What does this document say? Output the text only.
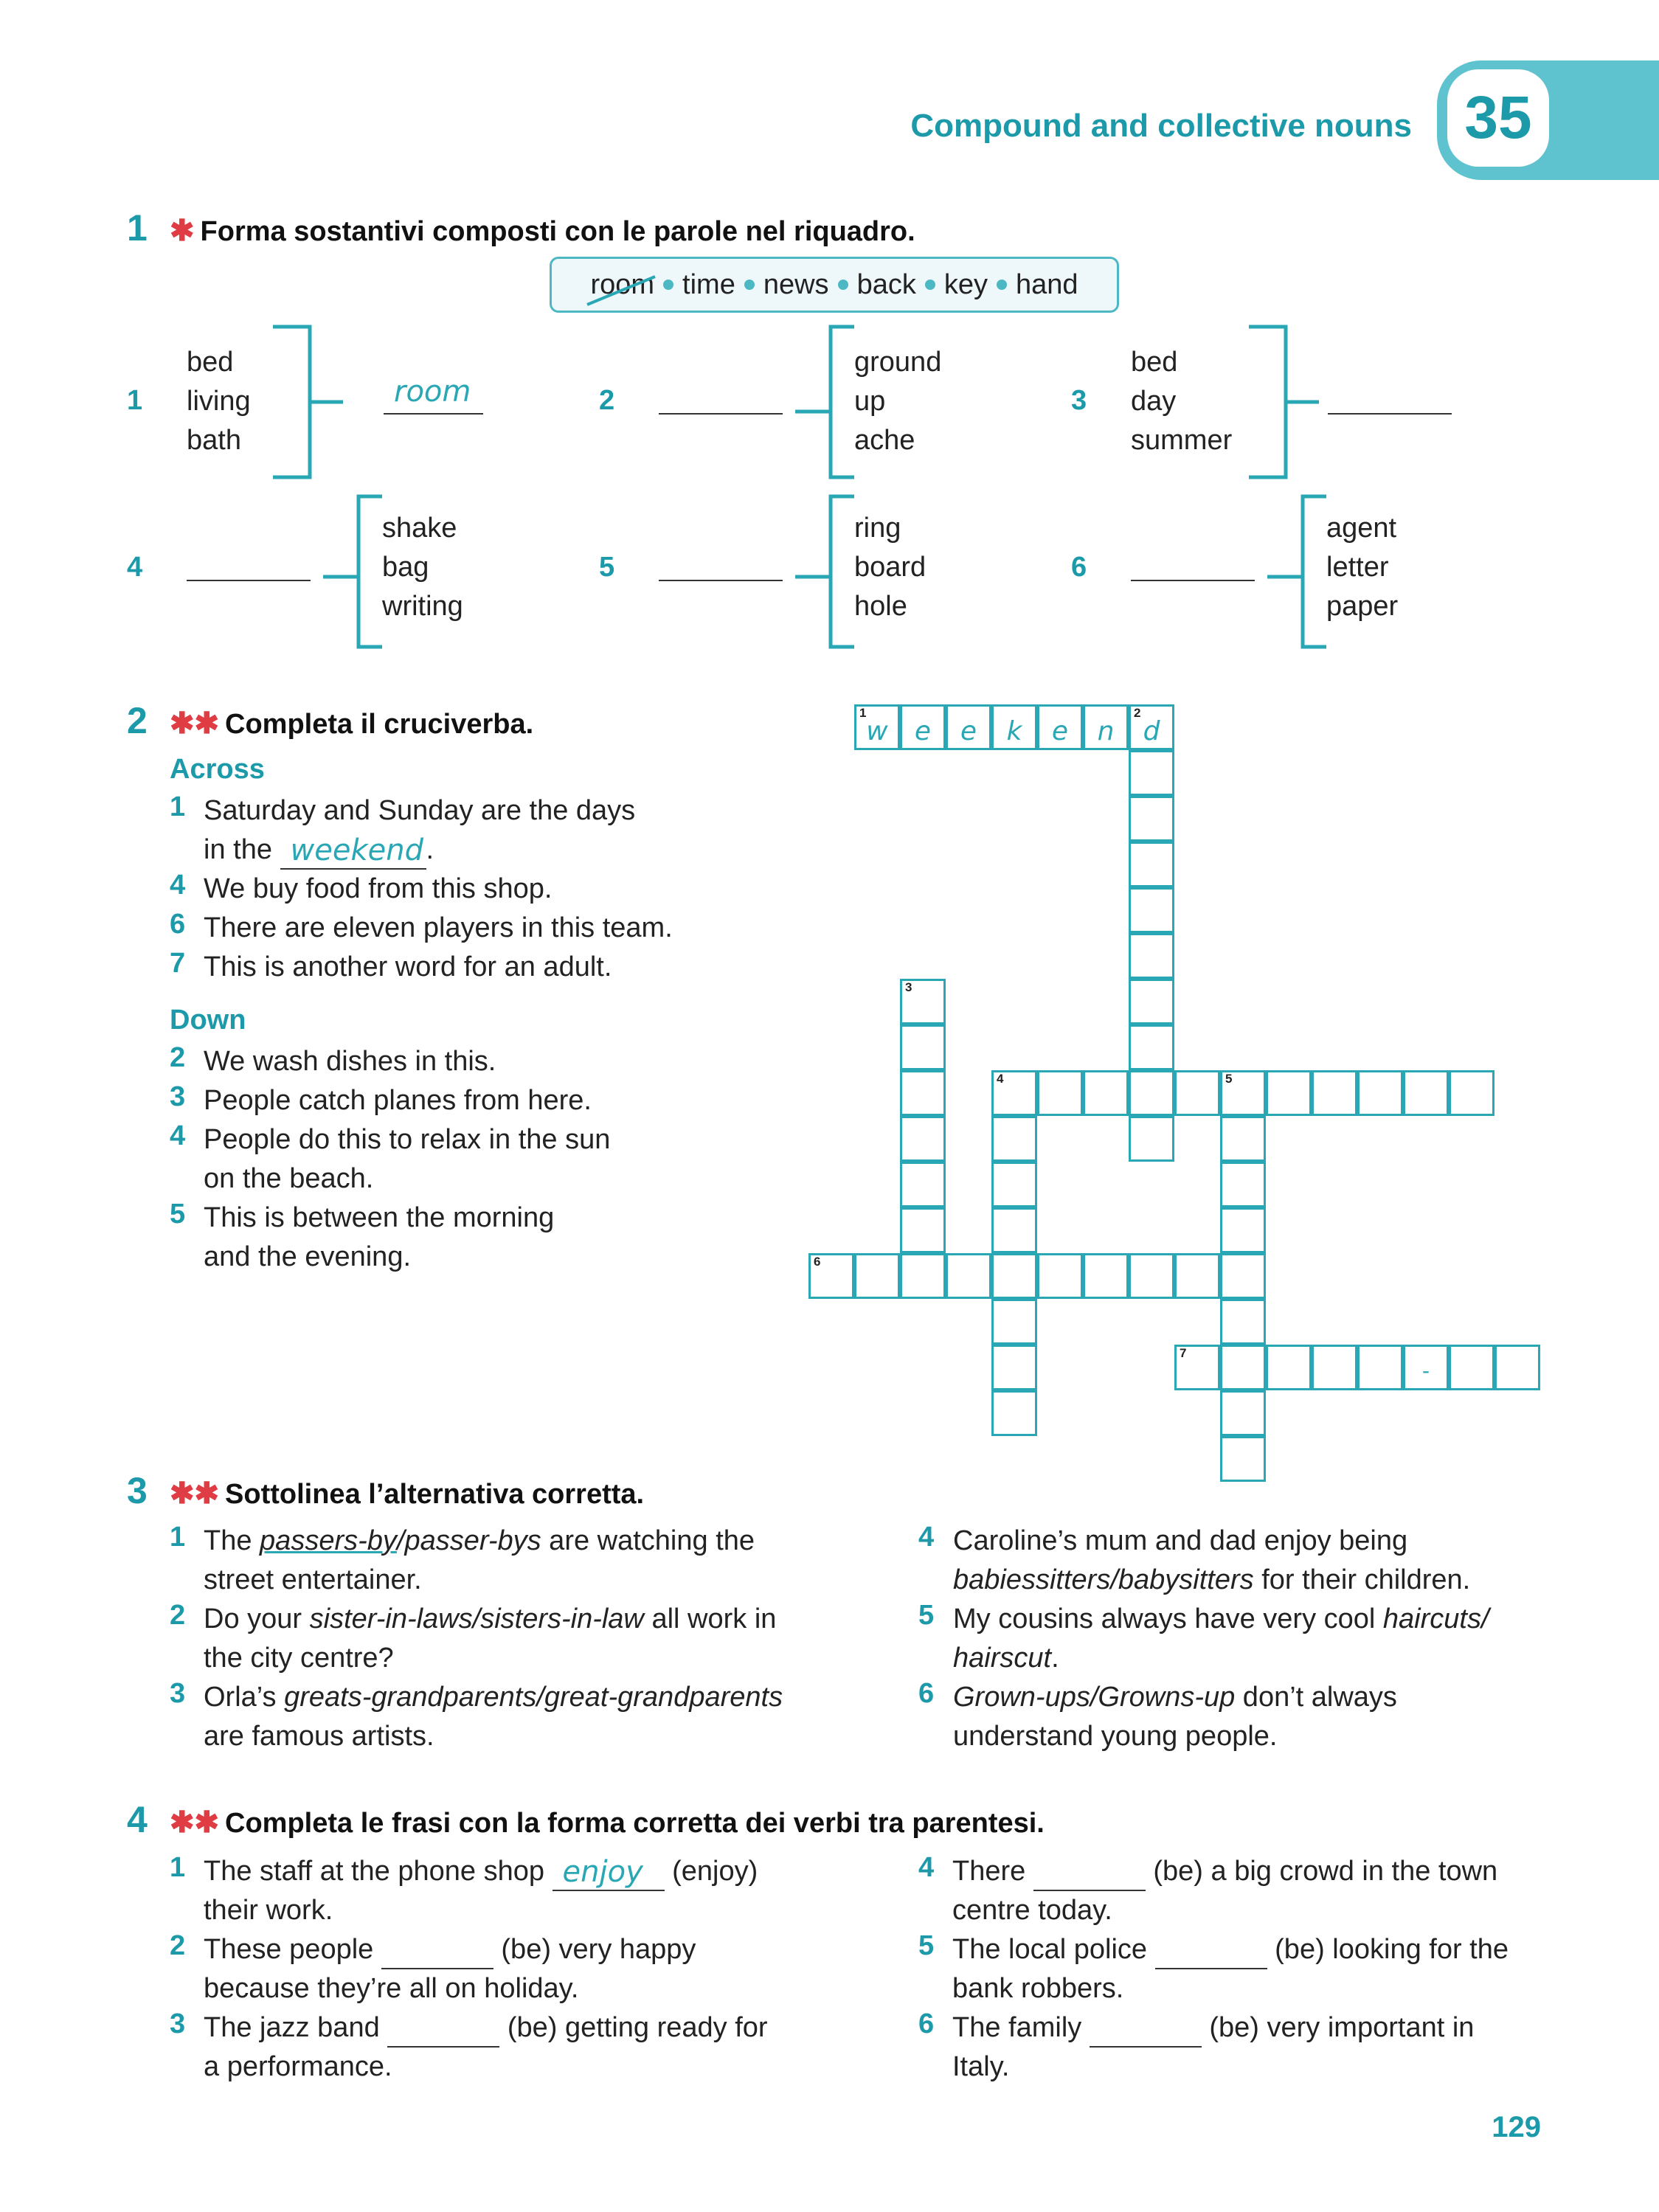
Compound and collective nouns 35
1 ✱ Forma sostantivi composti con le parole nel riquadro.
room time news back key hand
1
bed
living
bath
room	2
ground
up
ache
3
bed
day
summer
4
shake
bag
writing
5
ring
board
hole
6
agent
letter
paper
2 ✱✱ Completa il cruciverba.
Across
1 Saturday and Sunday are the days
in the weekend .
4 We buy food from this shop.
6 There are eleven players in this team.
7 This is another word for an adult.
Down
2 We wash dishes in this.
3 People catch planes from here.
4 People do this to relax in the sun
on the beach.
5 This is between the morning
and the evening.
1
w	e	e	k	e	n
2
d
4	5
3
6
7
-
3 ✱✱ Sottolinea l’alternativa corretta.
1 The passers-by/passer-bys are watching the
street entertainer.
2 Do your sister-in-laws/sisters-in-law all work in
the city centre?
3 Orla’s greats-grandparents/great-grandparents
are famous artists.
4 Caroline’s mum and dad enjoy being
babiessitters/babysitters for their children.
5 My cousins always have very cool haircuts/
hairscut.
6 Grown-ups/Growns-up don’t always
understand young people.
4 ✱✱ Completa le frasi con la forma corretta dei verbi tra parentesi.
1 The staff at the phone shop enjoy (enjoy)
their work.
2 These people	(be) very happy
because they’re all on holiday.
3 The jazz band	(be) getting ready for
a performance.
4 There	(be) a big crowd in the town
centre today.
5 The local police	(be) looking for the
bank robbers.
6 The family	(be) very important in
Italy.
129
